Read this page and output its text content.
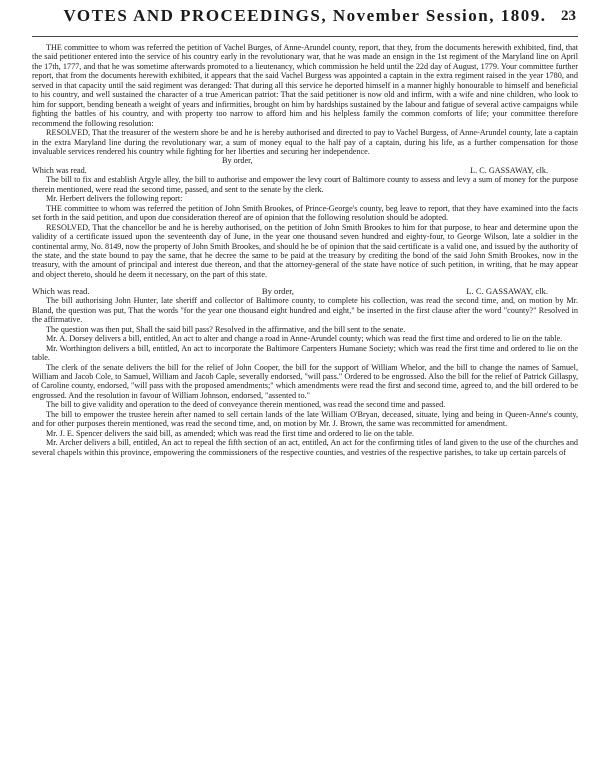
VOTES AND PROCEEDINGS, November Session, 1809. 23

THE committee to whom was referred the petition of Vachel Burges, of Anne-Arundel county, report, that they, from the documents herewith exhibited, find, that the said petitioner entered into the service of his country early in the revolutionary war, that he was made an ensign in the 1st regiment of the Maryland line on April the 17th, 1777, and that he was sometime afterwards promoted to a lieutenancy, which commission he held until the 22d day of August, 1779. Your committee further report, that from the documents herewith exhibited, it appears that the said Vachel Burgess was appointed a captain in the extra regiment raised in the year 1780, and served in that capacity until the said regiment was deranged: That during all this service he deported himself in a manner highly honourable to himself and beneficial to his country, and well sustained the character of a true American patriot: That the said petitioner is now old and infirm, with a wife and nine children, who look to him for support, bending beneath a weight of years and infirmities, brought on him by hardships sustained by the labour and fatigue of several active campaigns while fighting the battles of his country, and with property too narrow to afford him and his helpless family the common comforts of life; your committee therefore recommend the following resolution:

RESOLVED, That the treasurer of the western shore be and he is hereby authorised and directed to pay to Vachel Burgess, of Anne-Arundel county, late a captain in the extra Maryland line during the revolutionary war, a sum of money equal to the half pay of a captain, during his life, as a further compensation for those invaluable services rendered his country while fighting for her liberties and securing her independence.

By order,
Which was read.	L. C. GASSAWAY, clk.

The bill to fix and establish Argyle alley, the bill to authorise and empower the levy court of Baltimore county to assess and levy a sum of money for the purpose therein mentioned, were read the second time, passed, and sent to the senate by the clerk.

Mr. Herbert delivers the following report:

THE committee to whom was referred the petition of John Smith Brookes, of Prince-George's county, beg leave to report, that they have examined into the facts set forth in the said petition, and upon due consideration thereof are of opinion that the following resolution should be adopted.

RESOLVED, That the chancellor be and he is hereby authorised, on the petition of John Smith Brookes to him for that purpose, to hear and determine upon the validity of a certificate issued upon the seventeenth day of June, in the year one thousand seven hundred and eighty-four, to George Wilson, late a soldier in the continental army, No. 8149, now the property of John Smith Brookes, and should he be of opinion that the said certificate is a valid one, and issued by the authority of the state, and the state bound to pay the same, that he decree the same to be paid at the treasury by crediting the bond of the said John Smith Brookes, now in the treasury, with the amount of principal and interest due thereon, and that the attorney-general of the state have notice of such petition, in writing, that he may appear and object thereto, should he deem it necessary, on the part of this state.

Which was read.	By order,	L. C. GASSAWAY, clk.

The bill authorising John Hunter, late sheriff and collector of Baltimore county, to complete his collection, was read the second time, and, on motion by Mr. Bland, the question was put, That the words "for the year one thousand eight hundred and eight," be inserted in the first clause after the word "county?" Resolved in the affirmative.

The question was then put, Shall the said bill pass? Resolved in the affirmative, and the bill sent to the senate.

Mr. A. Dorsey delivers a bill, entitled, An act to alter and change a road in Anne-Arundel county; which was read the first time and ordered to lie on the table.

Mr. Worthington delivers a bill, entitled, An act to incorporate the Baltimore Carpenters Humane Society; which was read the first time and ordered to lie on the table.

The clerk of the senate delivers the bill for the relief of John Cooper, the bill for the support of William Whelor, and the bill to change the names of Samuel, William and Jacob Cole, to Samuel, William and Jacob Caple, severally endorsed, "will pass." Ordered to be engrossed. Also the bill for the relief of Patrick Gillaspy, of Caroline county, endorsed, "will pass with the proposed amendments;" which amendments were read the first and second time, agreed to, and the bill ordered to be engrossed. And the resolution in favour of William Johnson, endorsed, "assented to."

The bill to give validity and operation to the deed of conveyance therein mentioned, was read the second time and passed.

The bill to empower the trustee herein after named to sell certain lands of the late William O'Bryan, deceased, situate, lying and being in Queen-Anne's county, and for other purposes therein mentioned, was read the second time, and, on motion by Mr. J. Brown, the same was recommitted for amendment.

Mr. J. E. Spencer delivers the said bill, as amended; which was read the first time and ordered to lie on the table.

Mr. Archer delivers a bill, entitled, An act to repeal the fifth section of an act, entitled, An act for the confirming titles of land given to the use of the churches and several chapels within this province, empowering the commissioners of the respective counties, and vestries of the respective parishes, to take up certain parcels of
